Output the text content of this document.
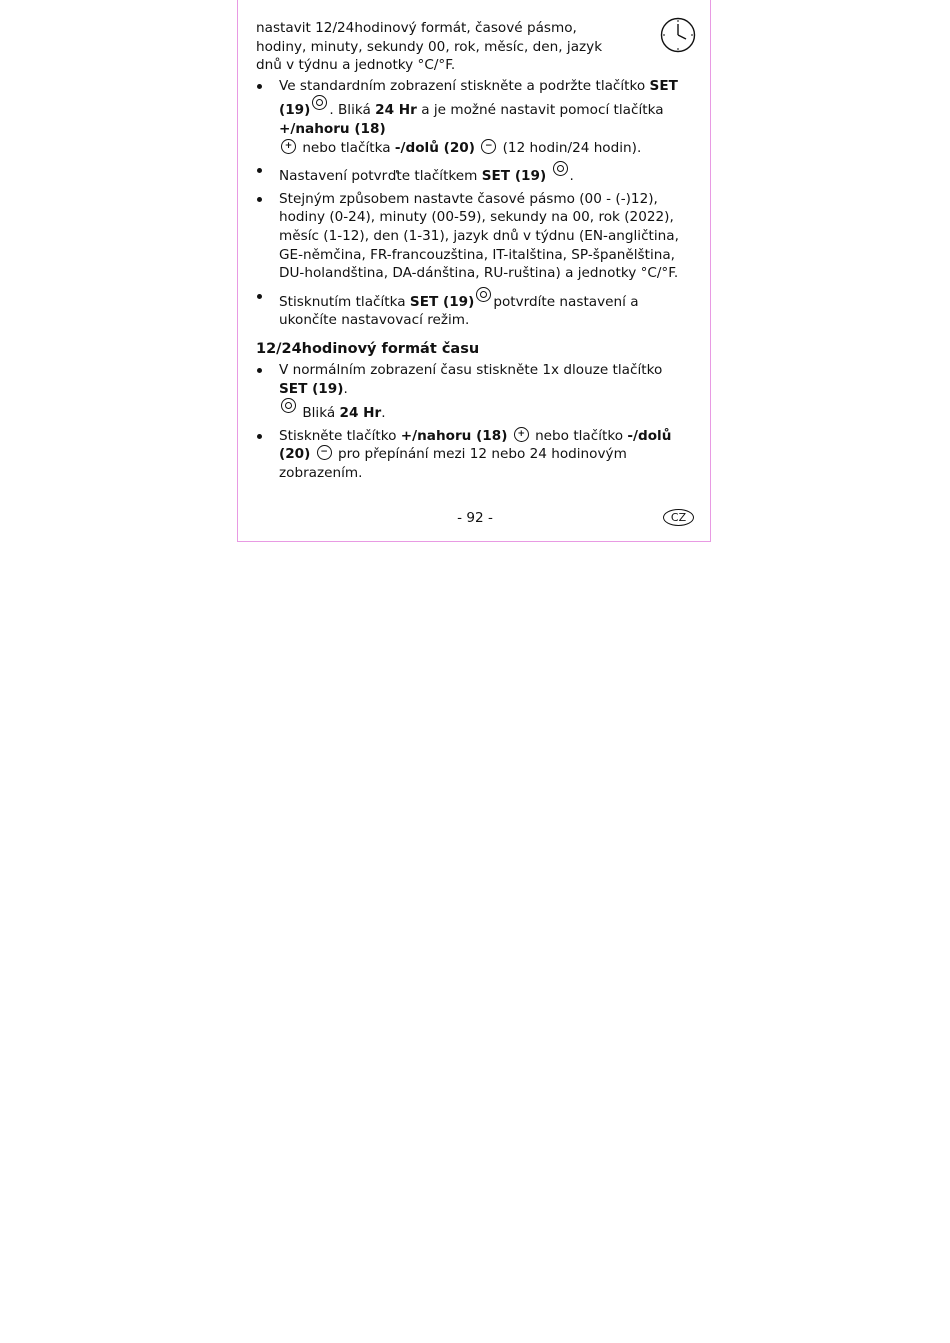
nastavit 12/24hodinový formát, časové pásmo, hodiny, minuty, sekundy 00, rok, měsíc, den, jazyk dnů v týdnu a jednotky °C/°F.

Ve standardním zobrazení stiskněte a podržte tlačítko SET (19) . Bliká 24 Hr a je možné nastavit pomocí tlačítka +/nahoru (18)
+ nebo tlačítka -/dolů (20) − (12 hodin/24 hodin).
Nastavení potvrďte tlačítkem SET (19) .
Stejným způsobem nastavte časové pásmo (00 - (-)12), hodiny (0-24), minuty (00-59), sekundy na 00, rok (2022), měsíc (1-12), den (1-31), jazyk dnů v týdnu (EN-angličtina, GE-němčina, FR-francouzština, IT-italština, SP-španělština, DU-holandština, DA-dánština, RU-ruština) a jednotky °C/°F.
Stisknutím tlačítka SET (19) potvrdíte nastavení a ukončíte nastavovací režim.
12/24hodinový formát času
V normálním zobrazení času stiskněte 1x dlouze tlačítko SET (19).
Bliká 24 Hr.
Stiskněte tlačítko +/nahoru (18) + nebo tlačítko -/dolů (20) − pro přepínání mezi 12 nebo 24 hodinovým zobrazením.
- 92 -	CZ
